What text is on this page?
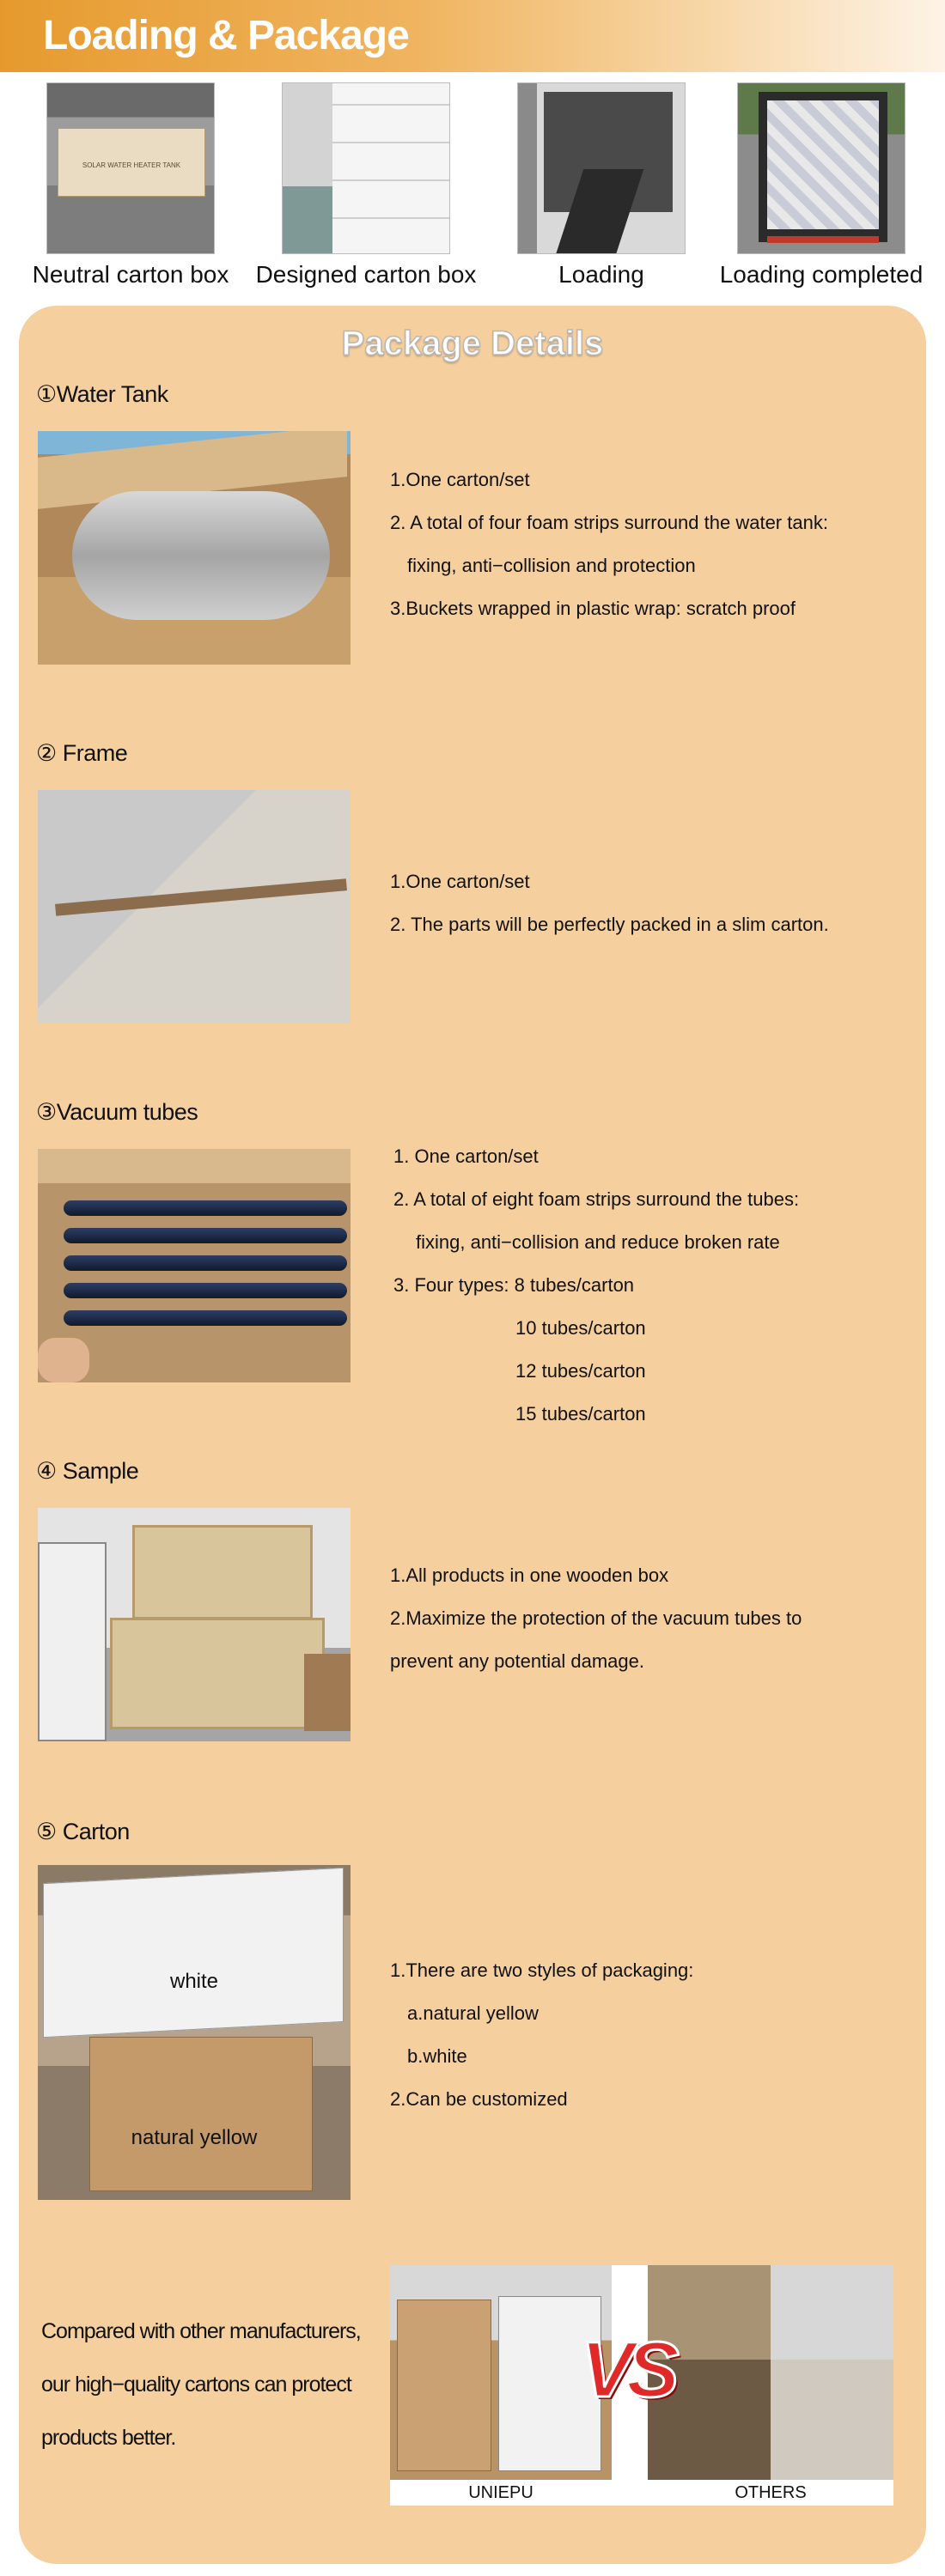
Loading & Package
SOLAR WATER HEATER TANK
Neutral carton box	Designed carton box	Loading	Loading completed
Package Details
①Water Tank
1.One carton/set
2. A total of four foam strips surround the water tank:
fixing, anti−collision and protection
3.Buckets wrapped in plastic wrap: scratch proof
② Frame
1.One carton/set
2. The parts will be perfectly packed in a slim carton.
③Vacuum tubes
1. One carton/set
2. A total of eight foam strips surround the tubes:
fixing, anti−collision and reduce broken rate
3. Four types: 8 tubes/carton
10 tubes/carton
12 tubes/carton
15 tubes/carton
④ Sample
1.All products in one wooden box
2.Maximize the protection of the vacuum tubes to
prevent any potential damage.
⑤ Carton
white
natural yellow
1.There are two styles of packaging:
a.natural yellow
b.white
2.Can be customized
Compared with other manufacturers,
our high−quality cartons can protect
products better.
VS
UNIEPU	OTHERS
